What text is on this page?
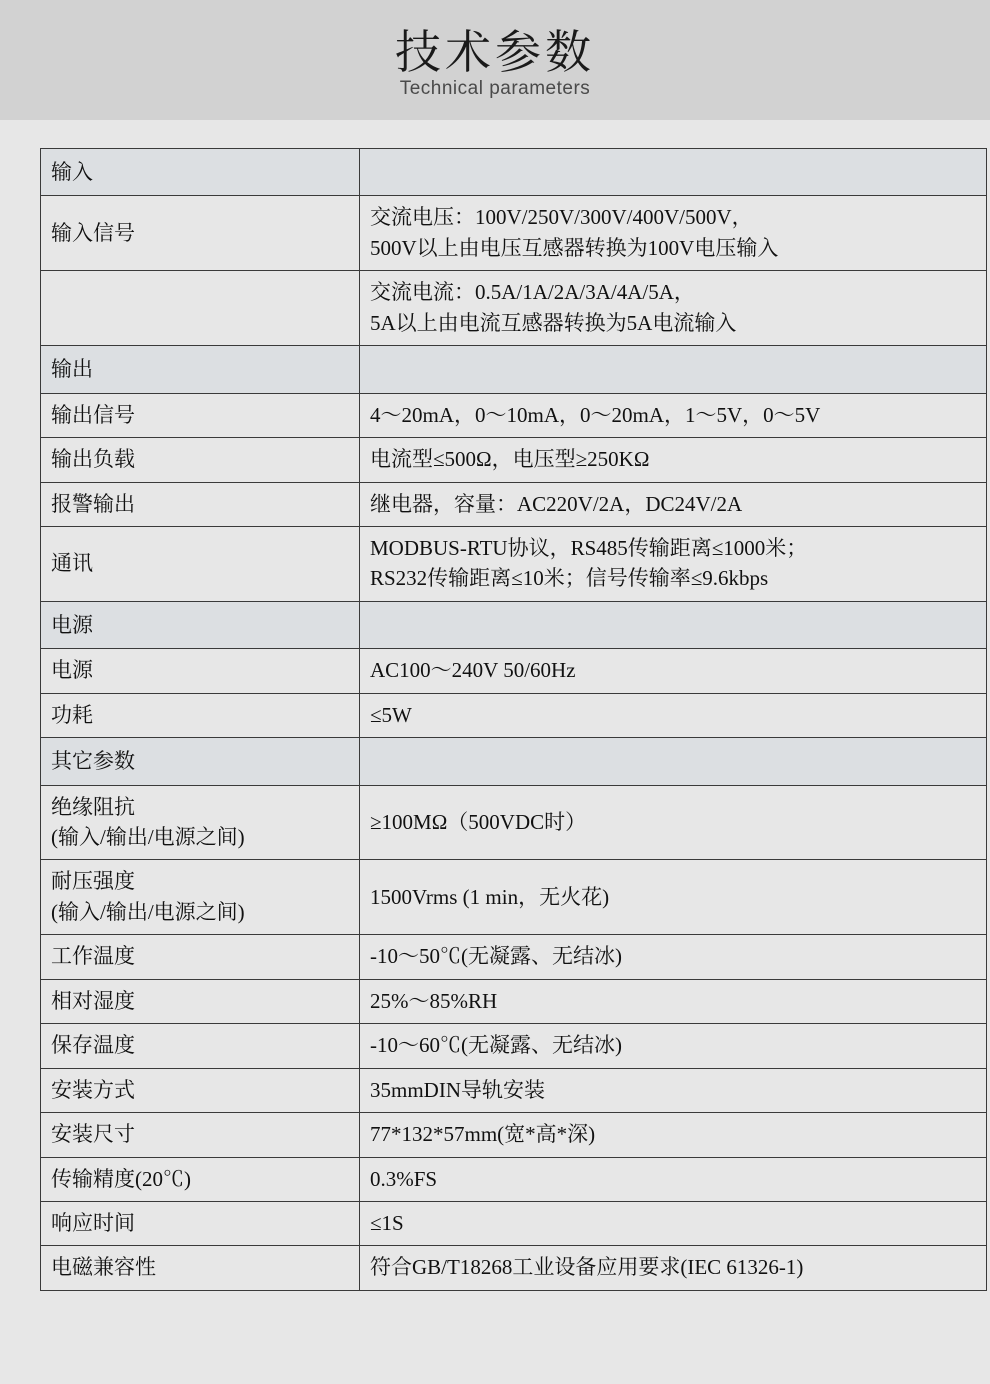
技术参数
Technical parameters
输入	
输入信号	交流电压：100V/250V/300V/400V/500V，
500V以上由电压互感器转换为100V电压输入

	交流电流：0.5A/1A/2A/3A/4A/5A，
5A以上由电流互感器转换为5A电流输入

输出	
输出信号	4～20mA，0～10mA，0～20mA，1～5V，0～5V
输出负载	电流型≤500Ω，电压型≥250KΩ
报警输出	继电器，容量：AC220V/2A，DC24V/2A
通讯	MODBUS-RTU协议，RS485传输距离≤1000米；
RS232传输距离≤10米；信号传输率≤9.6kbps

电源	
电源	AC100～240V 50/60Hz
功耗	≤5W
其它参数	

绝缘阻抗
(输入/输出/电源之间)	≥100MΩ（500VDC时）

耐压强度
(输入/输出/电源之间)	1500Vrms (1 min，无火花)
工作温度	-10～50℃(无凝露、无结冰)
相对湿度	25%～85%RH
保存温度	-10～60℃(无凝露、无结冰)
安装方式	35mmDIN导轨安装
安装尺寸	77*132*57mm(宽*高*深)
传输精度(20℃)	0.3%FS
响应时间	≤1S
电磁兼容性	符合GB/T18268工业设备应用要求(IEC 61326-1)
